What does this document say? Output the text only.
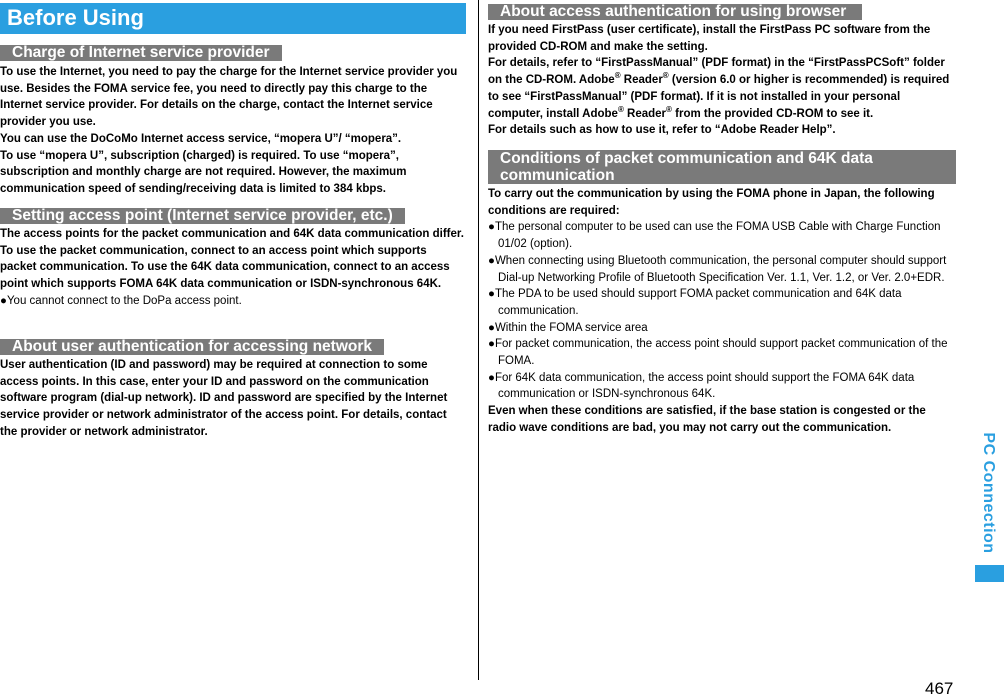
Before Using
Charge of Internet service provider

To use the Internet, you need to pay the charge for the Internet service provider you use. Besides the FOMA service fee, you need to directly pay this charge to the Internet service provider. For details on the charge, contact the Internet service provider you use.

You can use the DoCoMo Internet access service, “mopera U”/ “mopera”.

To use “mopera U”, subscription (charged) is required. To use “mopera”, subscription and monthly charge are not required. However, the maximum communication speed of sending/receiving data is limited to 384 kbps.

Setting access point (Internet service provider, etc.)

The access points for the packet communication and 64K data communication differ. To use the packet communication, connect to an access point which supports packet communication. To use the 64K data communication, connect to an access point which supports FOMA 64K data communication or ISDN-synchronous 64K.

●You cannot connect to the DoPa access point.

About user authentication for accessing network

User authentication (ID and password) may be required at connection to some access points. In this case, enter your ID and password on the communication software program (dial-up network). ID and password are specified by the Internet service provider or network administrator of the access point. For details, contact the provider or network administrator.

About access authentication for using browser

If you need FirstPass (user certificate), install the FirstPass PC software from the provided CD-ROM and make the setting.

For details, refer to “FirstPassManual” (PDF format) in the “FirstPassPCSoft” folder on the CD-ROM. Adobe® Reader® (version 6.0 or higher is recommended) is required to see “FirstPassManual” (PDF format). If it is not installed in your personal computer, install Adobe® Reader® from the provided CD-ROM to see it.

For details such as how to use it, refer to “Adobe Reader Help”.

Conditions of packet communication and 64K data communication

To carry out the communication by using the FOMA phone in Japan, the following conditions are required:

●The personal computer to be used can use the FOMA USB Cable with Charge Function 01/02 (option).

●When connecting using Bluetooth communication, the personal computer should support Dial-up Networking Profile of Bluetooth Specification Ver. 1.1, Ver. 1.2, or Ver. 2.0+EDR.

●The PDA to be used should support FOMA packet communication and 64K data communication.

●Within the FOMA service area

●For packet communication, the access point should support packet communication of the FOMA.

●For 64K data communication, the access point should support the FOMA 64K data communication or ISDN-synchronous 64K.

Even when these conditions are satisfied, if the base station is congested or the radio wave conditions are bad, you may not carry out the communication.

PC Connection
467
